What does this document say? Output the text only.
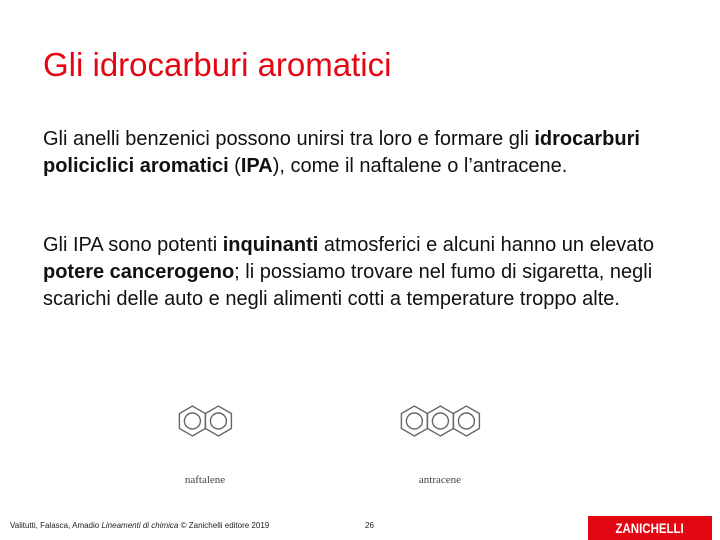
Gli idrocarburi aromatici
Gli anelli benzenici possono unirsi tra loro e formare gli idrocarburi policiclici aromatici (IPA), come il naftalene o l’antracene.
Gli IPA sono potenti inquinanti atmosferici e alcuni hanno un elevato potere cancerogeno; li possiamo trovare nel fumo di sigaretta, negli scarichi delle auto e negli alimenti cotti a temperature troppo alte.
naftalene	antracene
Valitutti, Falasca, Amadio Lineamenti di chimica © Zanichelli editore 2019	26	ZANICHELLI
